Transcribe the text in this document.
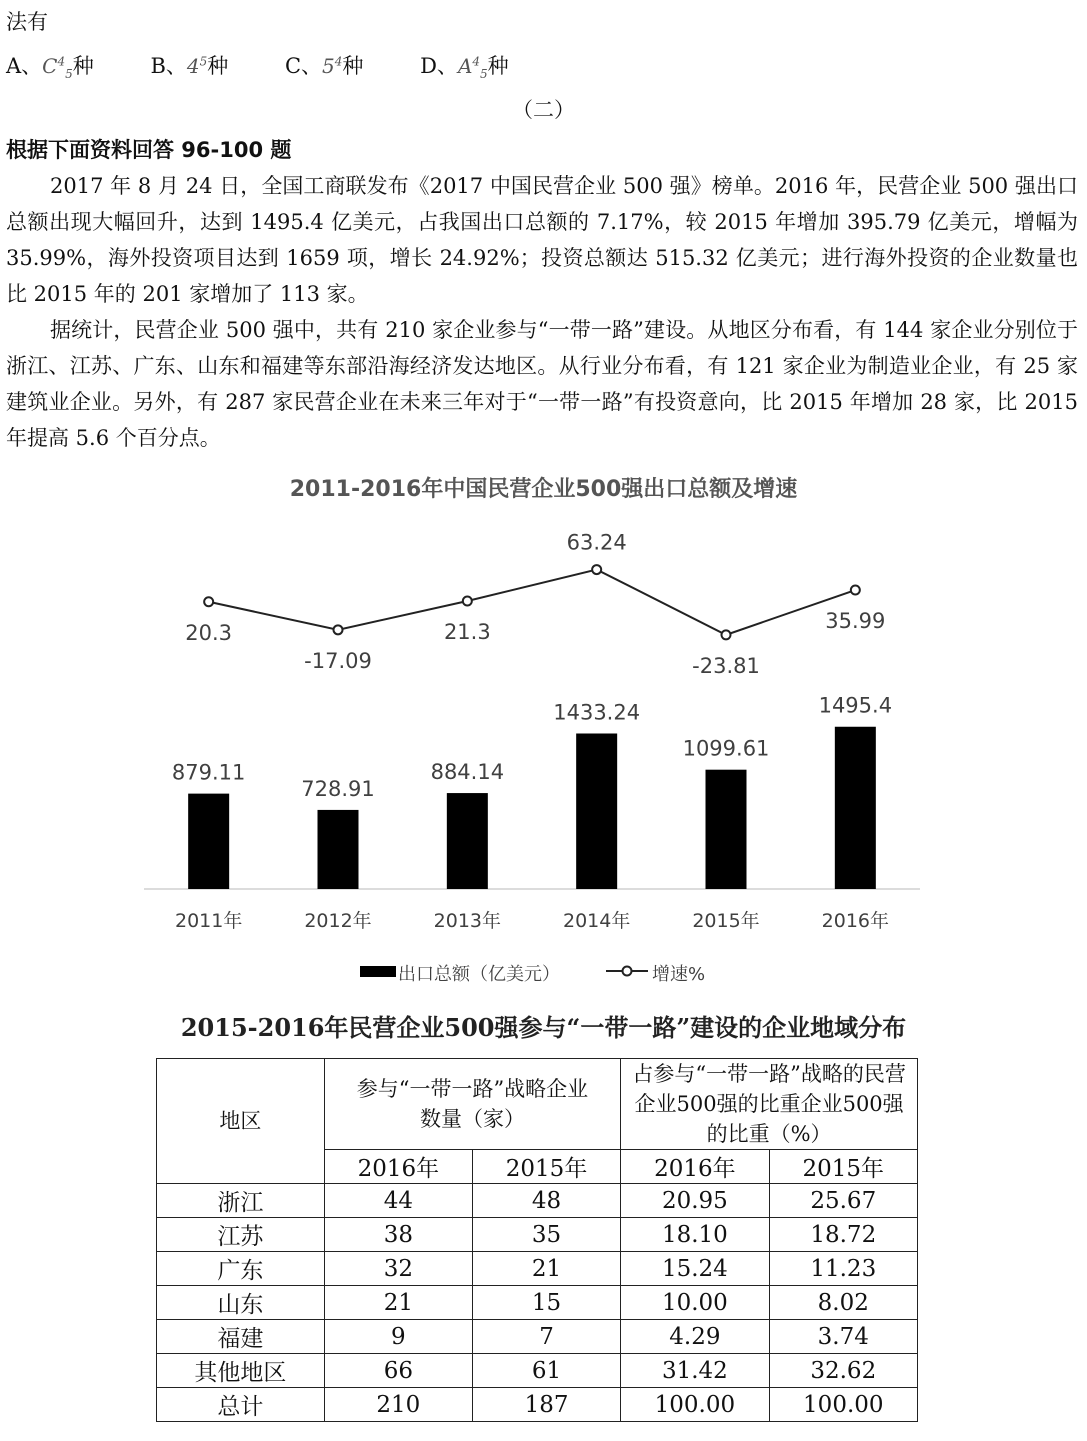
法有
A、$C^4_5$种	B、$4^5$种	C、$5^4$种	D、$A^4_5$种
（二）
根据下面资料回答 96-100 题
2017 年 8 月 24 日，全国工商联发布《2017 中国民营企业 500 强》榜单。2016 年，民营企业 500 强出口总额出现大幅回升，达到 1495.4 亿美元，占我国出口总额的 7.17%，较 2015 年增加 395.79 亿美元，增幅为 35.99%，海外投资项目达到 1659 项，增长 24.92%；投资总额达 515.32 亿美元；进行海外投资的企业数量也比 2015 年的 201 家增加了 113 家。
据统计，民营企业 500 强中，共有 210 家企业参与“一带一路”建设。从地区分布看，有 144 家企业分别位于浙江、江苏、广东、山东和福建等东部沿海经济发达地区。从行业分布看，有 121 家企业为制造业企业，有 25 家建筑业企业。另外，有 287 家民营企业在未来三年对于“一带一路”有投资意向，比 2015 年增加 28 家，比 2015 年提高 5.6 个百分点。
2011-2016年中国民营企业500强出口总额及增速
879.11
728.91
884.14
1433.24
1099.61
1495.4
20.3
-17.09
21.3
63.24
-23.81
35.99
2011年	2012年	2013年	2014年	2015年	2016年
出口总额（亿美元）	增速%
2015-2016年民营企业500强参与“一带一路”建设的企业地域分布
地区	参与“一带一路”战略企业数量（家）		占参与“一带一路”战略的民营企业500强的比重企业500强的比重（%）	
	2016年	2015年	2016年	2015年
浙江	44	48	20.95	25.67
江苏	38	35	18.10	18.72
广东	32	21	15.24	11.23
山东	21	15	10.00	8.02
福建	9	7	4.29	3.74
其他地区	66	61	31.42	32.62
总计	210	187	100.00	100.00
